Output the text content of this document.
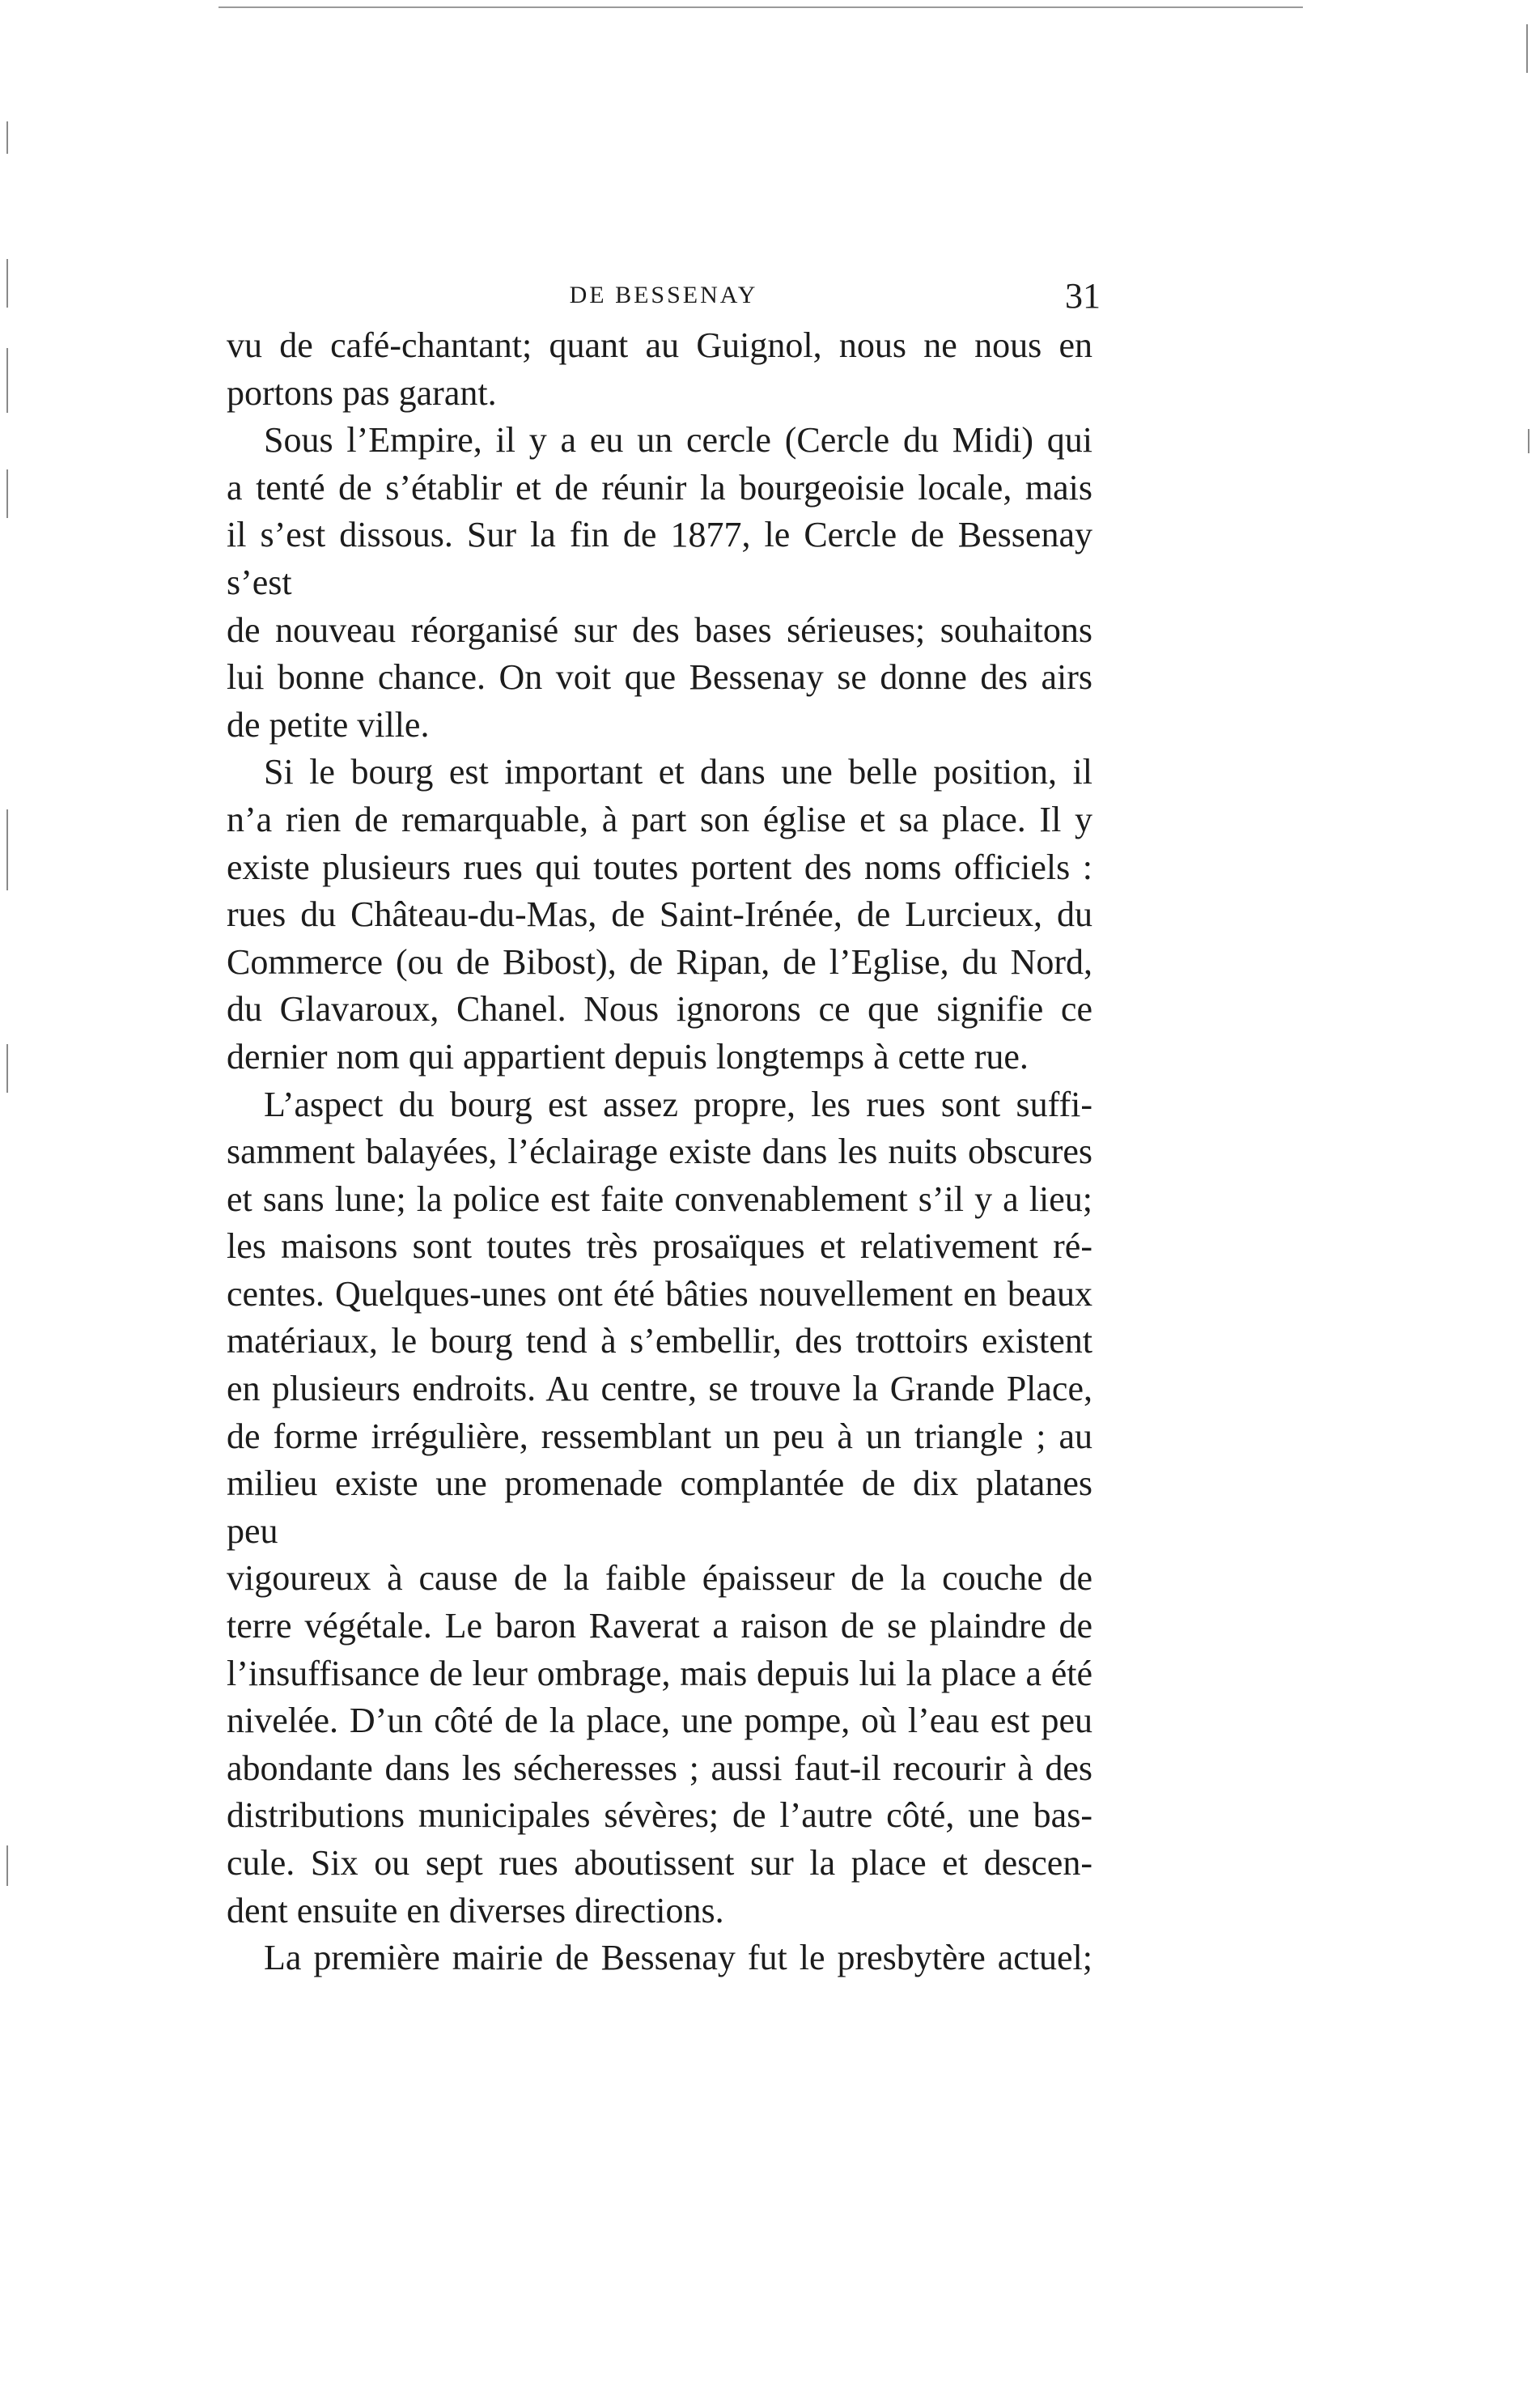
DE BESSENAY	31

vu de café-chantant; quant au Guignol, nous ne nous en
portons pas garant.

Sous l’Empire, il y a eu un cercle (Cercle du Midi) qui
a tenté de s’établir et de réunir la bourgeoisie locale, mais
il s’est dissous. Sur la fin de 1877, le Cercle de Bessenay s’est
de nouveau réorganisé sur des bases sérieuses; souhaitons
lui bonne chance. On voit que Bessenay se donne des airs
de petite ville.

Si le bourg est important et dans une belle position, il
n’a rien de remarquable, à part son église et sa place. Il y
existe plusieurs rues qui toutes portent des noms officiels :
rues du Château-du-Mas, de Saint-Irénée, de Lurcieux, du
Commerce (ou de Bibost), de Ripan, de l’Eglise, du Nord,
du Glavaroux, Chanel. Nous ignorons ce que signifie ce
dernier nom qui appartient depuis longtemps à cette rue.

L’aspect du bourg est assez propre, les rues sont suffi-
samment balayées, l’éclairage existe dans les nuits obscures
et sans lune; la police est faite convenablement s’il y a lieu;
les maisons sont toutes très prosaïques et relativement ré-
centes. Quelques-unes ont été bâties nouvellement en beaux
matériaux, le bourg tend à s’embellir, des trottoirs existent
en plusieurs endroits. Au centre, se trouve la Grande Place,
de forme irrégulière, ressemblant un peu à un triangle ; au
milieu existe une promenade complantée de dix platanes peu
vigoureux à cause de la faible épaisseur de la couche de
terre végétale. Le baron Raverat a raison de se plaindre de
l’insuffisance de leur ombrage, mais depuis lui la place a été
nivelée. D’un côté de la place, une pompe, où l’eau est peu
abondante dans les sécheresses ; aussi faut-il recourir à des
distributions municipales sévères; de l’autre côté, une bas-
cule. Six ou sept rues aboutissent sur la place et descen-
dent ensuite en diverses directions.

La première mairie de Bessenay fut le presbytère actuel;
